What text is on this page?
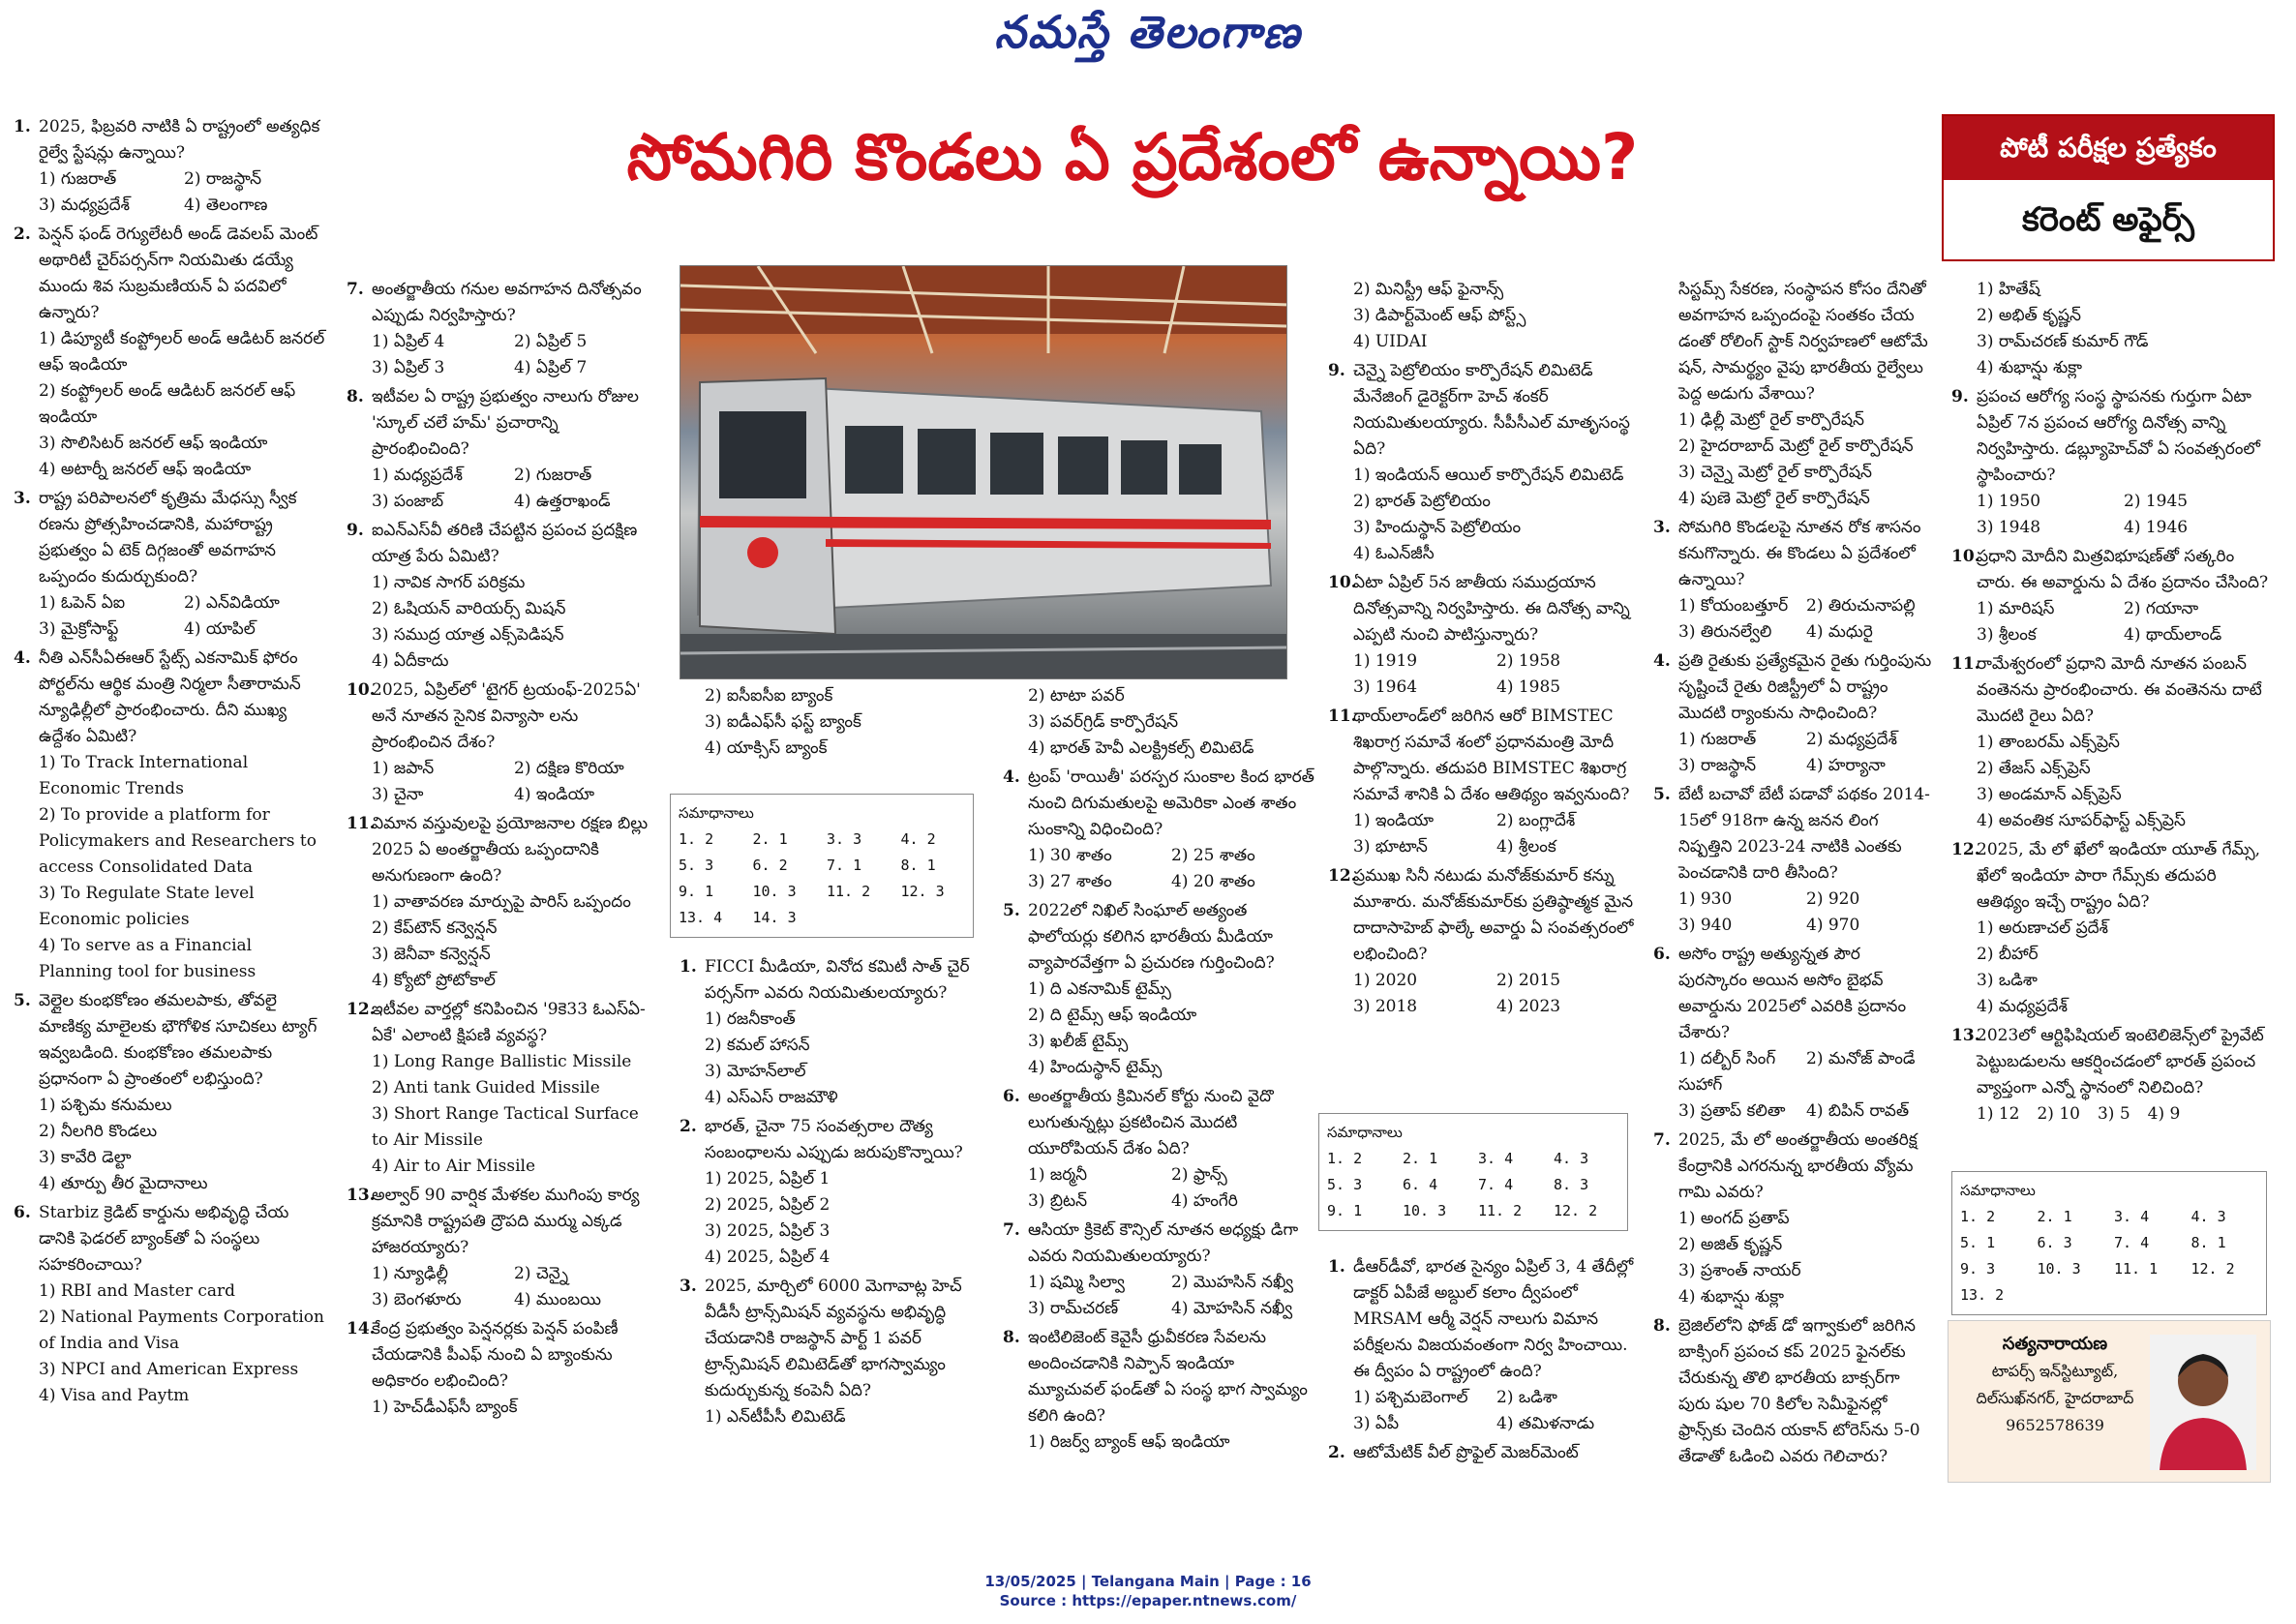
నమస్తే తెలంగాణ
సోమగిరి కొండలు ఏ ప్రదేశంలో ఉన్నాయి?	పోటీ పరీక్షల ప్రత్యేకం
కరెంట్ అఫైర్స్
1. 2025, ఫిబ్రవరి నాటికి ఏ రాష్ట్రంలో అత్యధిక రైల్వే స్టేషన్లు ఉన్నాయి?
1) గుజరాత్	2) రాజస్థాన్
3) మధ్యప్రదేశ్	4) తెలంగాణ
2. పెన్షన్ ఫండ్ రెగ్యులేటరీ అండ్ డెవలప్ మెంట్ అథారిటీ చైర్‌పర్సన్‌గా నియమితు డయ్యే ముందు శివ సుబ్రమణియన్ ఏ పదవిలో ఉన్నారు?
1) డిప్యూటీ కంప్ట్రోలర్ అండ్ ఆడిటర్ జనరల్ ఆఫ్ ఇండియా
2) కంప్ట్రోలర్ అండ్ ఆడిటర్ జనరల్ ఆఫ్ ఇండియా
3) సొలిసిటర్ జనరల్ ఆఫ్ ఇండియా
4) అటార్నీ జనరల్ ఆఫ్ ఇండియా
3. రాష్ట్ర పరిపాలనలో కృత్రిమ మేధస్సు స్వీక రణను ప్రోత్సహించడానికి, మహారాష్ట్ర ప్రభుత్వం ఏ టెక్ దిగ్గజంతో అవగాహన ఒప్పందం కుదుర్చుకుంది?
1) ఓపెన్ ఏఐ	2) ఎన్‌విడియా
3) మైక్రోసాఫ్ట్	4) యాపిల్
4. నీతి ఎన్‌సీఏఈఆర్ స్టేట్స్ ఎకనామిక్ ఫోరం పోర్టల్‌ను ఆర్థిక మంత్రి నిర్మలా సీతారామన్ న్యూఢిల్లీలో ప్రారంభించారు. దీని ముఖ్య ఉద్దేశం ఏమిటి?
1) To Track International Economic Trends
2) To provide a platform for Policymakers and Researchers to access Consolidated Data
3) To Regulate State level Economic policies
4) To serve as a Financial Planning tool for business
5. వెల్లైల కుంభకోణం తమలపాకు, తోవలై మాణిక్య మాలైలకు భౌగోళిక సూచికలు ట్యాగ్ ఇవ్వబడింది. కుంభకోణం తమలపాకు ప్రధానంగా ఏ ప్రాంతంలో లభిస్తుంది?
1) పశ్చిమ కనుమలు
2) నీలగిరి కొండలు
3) కావేరి డెల్టా
4) తూర్పు తీర మైదానాలు
6. Starbiz క్రెడిట్ కార్డును అభివృద్ధి చేయ డానికి ఫెడరల్ బ్యాంక్‌తో ఏ సంస్థలు సహకరించాయి?
1) RBI and Master card
2) National Payments Corporation of India and Visa
3) NPCI and American Express
4) Visa and Paytm
7. అంతర్జాతీయ గనుల అవగాహన దినోత్సవం ఎప్పుడు నిర్వహిస్తారు?
1) ఏప్రిల్ 4	2) ఏప్రిల్ 5
3) ఏప్రిల్ 3	4) ఏప్రిల్ 7
8. ఇటీవల ఏ రాష్ట్ర ప్రభుత్వం నాలుగు రోజుల 'స్కూల్ చలే హమ్' ప్రచారాన్ని ప్రారంభించింది?
1) మధ్యప్రదేశ్	2) గుజరాత్
3) పంజాబ్	4) ఉత్తరాఖండ్
9. ఐఎన్ఎస్‌వీ తరిణి చేపట్టిన ప్రపంచ ప్రదక్షిణ యాత్ర పేరు ఏమిటి?
1) నావిక సాగర్ పరిక్రమ
2) ఓషియన్ వారియర్స్ మిషన్
3) సముద్ర యాత్ర ఎక్స్‌పెడిషన్
4) ఏదీకాదు
10.
2025, ఏప్రిల్‌లో 'టైగర్ ట్రయంఫ్-2025ఏ' అనే నూతన సైనిక విన్యాసా లను ప్రారంభించిన దేశం?
1) జపాన్	2) దక్షిణ కొరియా
3) చైనా	4) ఇండియా
11.
విమాన వస్తువులపై ప్రయోజనాల రక్షణ బిల్లు 2025 ఏ అంతర్జాతీయ ఒప్పందానికి అనుగుణంగా ఉంది?
1) వాతావరణ మార్పుపై పారిస్ ఒప్పందం
2) కేప్‌టౌన్ కన్వెన్షన్
3) జెనీవా కన్వెన్షన్
4) క్యోటో ప్రోటోకాల్
12.
ఇటీవల వార్తల్లో కనిపించిన '9కె33 ఓఎస్ఏ-ఏకే' ఎలాంటి క్షిపణి వ్యవస్థ?
1) Long Range Ballistic Missile
2) Anti tank Guided Missile
3) Short Range Tactical Surface to Air Missile
4) Air to Air Missile
13.
అల్వార్ 90 వార్షిక మేళకల ముగింపు కార్య క్రమానికి రాష్ట్రపతి ద్రౌపది ముర్ము ఎక్కడ హాజరయ్యారు?
1) న్యూఢిల్లీ	2) చెన్నై
3) బెంగళూరు	4) ముంబయి
14.
కేంద్ర ప్రభుత్వం పెన్షనర్లకు పెన్షన్ పంపిణీ చేయడానికి పీఎఫ్ నుంచి ఏ బ్యాంకును అధికారం లభించింది?
1) హెచ్‌డీఎఫ్‌సీ బ్యాంక్
2) ఐసీఐసీఐ బ్యాంక్
3) ఐడీఎఫ్‌సీ ఫస్ట్ బ్యాంక్
4) యాక్సిస్ బ్యాంక్
1. FICCI మీడియా, వినోద కమిటీ సాత్ చైర్ పర్సన్‌గా ఎవరు నియమితులయ్యారు?
1) రజనీకాంత్
2) కమల్ హాసన్
3) మోహన్‌లాల్
4) ఎస్ఎస్ రాజమౌళి
2. భారత్, చైనా 75 సంవత్సరాల దౌత్య సంబంధాలను ఎప్పుడు జరుపుకొన్నాయి?
1) 2025, ఏప్రిల్ 1
2) 2025, ఏప్రిల్ 2
3) 2025, ఏప్రిల్ 3
4) 2025, ఏప్రిల్ 4
3. 2025, మార్చిలో 6000 మెగావాట్ల హెచ్ వీడీసీ ట్రాన్స్‌మిషన్ వ్యవస్థను అభివృద్ధి చేయడానికి రాజస్థాన్ పార్ట్ 1 పవర్ ట్రాన్స్‌మిషన్ లిమిటెడ్‌తో భాగస్వామ్యం కుదుర్చుకున్న కంపెనీ ఏది?
1) ఎన్‌టీపీసీ లిమిటెడ్
2) టాటా పవర్
3) పవర్‌గ్రిడ్ కార్పొరేషన్
4) భారత్ హెవీ ఎలక్ట్రికల్స్ లిమిటెడ్
4. ట్రంప్ 'రాయితీ' పరస్పర సుంకాల కింద భారత్ నుంచి దిగుమతులపై అమెరికా ఎంత శాతం సుంకాన్ని విధించింది?
1) 30 శాతం	2) 25 శాతం
3) 27 శాతం	4) 20 శాతం
5. 2022లో నిఖిల్ సింఘాల్ అత్యంత ఫాలోయర్లు కలిగిన భారతీయ మీడియా వ్యాపారవేత్తగా ఏ ప్రచురణ గుర్తించింది?
1) ది ఎకనామిక్ టైమ్స్
2) ది టైమ్స్ ఆఫ్ ఇండియా
3) ఖలీజ్ టైమ్స్
4) హిందుస్థాన్ టైమ్స్
6. అంతర్జాతీయ క్రిమినల్ కోర్టు నుంచి వైదొ లుగుతున్నట్లు ప్రకటించిన మొదటి యూరోపియన్ దేశం ఏది?
1) జర్మనీ	2) ఫ్రాన్స్
3) బ్రిటన్	4) హంగేరి
7. ఆసియా క్రికెట్ కౌన్సిల్ నూతన అధ్యక్షు డిగా ఎవరు నియమితులయ్యారు?
1) షమ్మి సిల్వా	2) మొహసిన్ నఖ్వీ
3) రామ్‌చరణ్	4) మోహసిన్ నఖ్వీ
8. ఇంటిలిజెంట్ కెవైసీ ధ్రువీకరణ సేవలను అందించడానికి నిప్పాన్ ఇండియా మ్యూచువల్ ఫండ్‌తో ఏ సంస్థ భాగ స్వామ్యం కలిగి ఉంది?
1) రిజర్వ్ బ్యాంక్ ఆఫ్ ఇండియా
2) మినిస్ట్రీ ఆఫ్ ఫైనాన్స్
3) డిపార్ట్‌మెంట్ ఆఫ్ పోస్ట్స్
4) UIDAI
9. చెన్నై పెట్రోలియం కార్పొరేషన్ లిమిటెడ్ మేనేజింగ్ డైరెక్టర్‌గా హెచ్ శంకర్ నియమితులయ్యారు. సీపీసీఎల్ మాతృసంస్థ ఏది?
1) ఇండియన్ ఆయిల్ కార్పొరేషన్ లిమిటెడ్
2) భారత్ పెట్రోలియం
3) హిందుస్థాన్ పెట్రోలియం
4) ఓఎన్‌జీసీ
10.
ఏటా ఏప్రిల్ 5న జాతీయ సముద్రయాన దినోత్సవాన్ని నిర్వహిస్తారు. ఈ దినోత్స వాన్ని ఎప్పటి నుంచి పాటిస్తున్నారు?
1) 1919	2) 1958
3) 1964	4) 1985
11.
థాయ్‌లాండ్‌లో జరిగిన ఆరో BIMSTEC శిఖరాగ్ర సమావే శంలో ప్రధానమంత్రి మోదీ పాల్గొన్నారు. తదుపరి BIMSTEC శిఖరాగ్ర సమావే శానికి ఏ దేశం ఆతిథ్యం ఇవ్వనుంది?
1) ఇండియా	2) బంగ్లాదేశ్
3) భూటాన్	4) శ్రీలంక
12.
ప్రముఖ సినీ నటుడు మనోజ్‌కుమార్ కన్ను మూశారు. మనోజ్‌కుమార్‌కు ప్రతిష్ఠాత్మక మైన దాదాసాహెబ్ ఫాల్కే అవార్డు ఏ సంవత్సరంలో లభించింది?
1) 2020	2) 2015
3) 2018	4) 2023
1. డీఆర్‌డీవో, భారత సైన్యం ఏప్రిల్ 3, 4 తేదీల్లో డాక్టర్ ఏపీజే అబ్దుల్ కలాం ద్వీపంలో MRSAM ఆర్మీ వెర్షన్ నాలుగు విమాన పరీక్షలను విజయవంతంగా నిర్వ హించాయి. ఈ ద్వీపం ఏ రాష్ట్రంలో ఉంది?
1) పశ్చిమబెంగాల్	2) ఒడిశా
3) ఏపీ	4) తమిళనాడు
2. ఆటోమేటిక్ వీల్ ప్రొఫైల్ మెజర్‌మెంట్
సిస్టమ్స్ సేకరణ, సంస్థాపన కోసం దేనితో అవగాహన ఒప్పందంపై సంతకం చేయ డంతో రోలింగ్ స్టాక్ నిర్వహణలో ఆటోమే షన్, సామర్థ్యం వైపు భారతీయ రైల్వేలు పెద్ద అడుగు వేశాయి?
1) ఢిల్లీ మెట్రో రైల్ కార్పొరేషన్
2) హైదరాబాద్ మెట్రో రైల్ కార్పొరేషన్
3) చెన్నై మెట్రో రైల్ కార్పొరేషన్
4) పుణె మెట్రో రైల్ కార్పొరేషన్
3. సోమగిరి కొండలపై నూతన రోక శాసనం కనుగొన్నారు. ఈ కొండలు ఏ ప్రదేశంలో ఉన్నాయి?
1) కోయంబత్తూర్	2) తిరుచునాపల్లి
3) తిరునల్వేలి	4) మధురై
4. ప్రతి రైతుకు ప్రత్యేకమైన రైతు గుర్తింపును సృష్టించే రైతు రిజిస్ట్రీలో ఏ రాష్ట్రం మొదటి ర్యాంకును సాధించింది?
1) గుజరాత్	2) మధ్యప్రదేశ్
3) రాజస్థాన్	4) హర్యానా
5. బేటీ బచావో బేటీ పడావో పథకం 2014-15లో 918గా ఉన్న జనన లింగ నిష్పత్తిని 2023-24 నాటికి ఎంతకు పెంచడానికి దారి తీసింది?
1) 930	2) 920
3) 940	4) 970
6. అసోం రాష్ట్ర అత్యున్నత పౌర పురస్కారం అయిన అసోం బైభవ్ అవార్డును 2025లో ఎవరికి ప్రదానం చేశారు?
1) దల్బీర్ సింగ్ సుహాగ్
2) మనోజ్ పాండే
3) ప్రతాప్ కలితా	4) బిపిన్ రావత్
7. 2025, మే లో అంతర్జాతీయ అంతరిక్ష కేంద్రానికి ఎగరనున్న భారతీయ వ్యోమ గామి ఎవరు?
1) అంగద్ ప్రతాప్
2) అజిత్ కృష్ణన్
3) ప్రశాంత్ నాయర్
4) శుభాన్షు శుక్లా
8. బ్రెజిల్‌లోని ఫోజ్ డో ఇగ్వాకులో జరిగిన బాక్సింగ్ ప్రపంచ కప్ 2025 ఫైనల్‌కు చేరుకున్న తొలి భారతీయ బాక్సర్‌గా పురు షుల 70 కిలోల సెమీఫైనల్లో ఫ్రాన్స్‌కు చెందిన యకాన్ టోరెస్‌ను 5-0 తేడాతో ఓడించి ఎవరు గెలిచారు?
1) హితేష్
2) అభిత్ కృష్ణన్
3) రామ్‌చరణ్ కుమార్ గౌడ్
4) శుభాన్షు శుక్లా
9. ప్రపంచ ఆరోగ్య సంస్థ స్థాపనకు గుర్తుగా ఏటా ఏప్రిల్ 7న ప్రపంచ ఆరోగ్య దినోత్స వాన్ని నిర్వహిస్తారు. డబ్ల్యూహెచ్‌వో ఏ సంవత్సరంలో స్థాపించారు?
1) 1950	2) 1945
3) 1948	4) 1946
10.
ప్రధాని మోదీని మిత్రవిభూషణ్‌తో సత్కరిం చారు. ఈ అవార్డును ఏ దేశం ప్రదానం చేసింది?
1) మారిషస్	2) గయానా
3) శ్రీలంక	4) థాయ్‌లాండ్
11.
రామేశ్వరంలో ప్రధాని మోదీ నూతన పంబన్ వంతెనను ప్రారంభించారు. ఈ వంతెనను దాటే మొదటి రైలు ఏది?
1) తాంబరమ్ ఎక్స్‌ప్రెస్
2) తేజస్ ఎక్స్‌ప్రెస్
3) అండమాన్ ఎక్స్‌ప్రెస్
4) అవంతిక సూపర్‌ఫాస్ట్ ఎక్స్‌ప్రెస్
12.
2025, మే లో ఖేలో ఇండియా యూత్ గేమ్స్, ఖేలో ఇండియా పారా గేమ్స్‌కు తదుపరి ఆతిథ్యం ఇచ్చే రాష్ట్రం ఏది?
1) అరుణాచల్ ప్రదేశ్
2) బీహార్
3) ఒడిశా
4) మధ్యప్రదేశ్
13.
2023లో ఆర్టిఫిషియల్ ఇంటెలిజెన్స్‌లో ప్రైవేట్ పెట్టుబడులను ఆకర్షించడంలో భారత్ ప్రపంచ వ్యాప్తంగా ఎన్నో స్థానంలో నిలిచింది?
1) 12 2) 10 3) 5 4) 9
సమాధానాలు
1. 2	2. 1	3. 3	4. 2
5. 3	6. 2	7. 1	8. 1
9. 1	10. 3	11. 2	12. 3
13. 4	14. 3
సమాధానాలు
1. 2	2. 1	3. 4	4. 3
5. 3	6. 4	7. 4	8. 3
9. 1	10. 3	11. 2	12. 2
సమాధానాలు
1. 2	2. 1	3. 4	4. 3
5. 1	6. 3	7. 4	8. 1
9. 3	10. 3	11. 1	12. 2
13. 2
సత్యనారాయణ
టాపర్స్ ఇన్‌స్టిట్యూట్,
దిల్‌సుఖ్‌నగర్, హైదరాబాద్
9652578639
13/05/2025 | Telangana Main | Page : 16
Source : https://epaper.ntnews.com/
